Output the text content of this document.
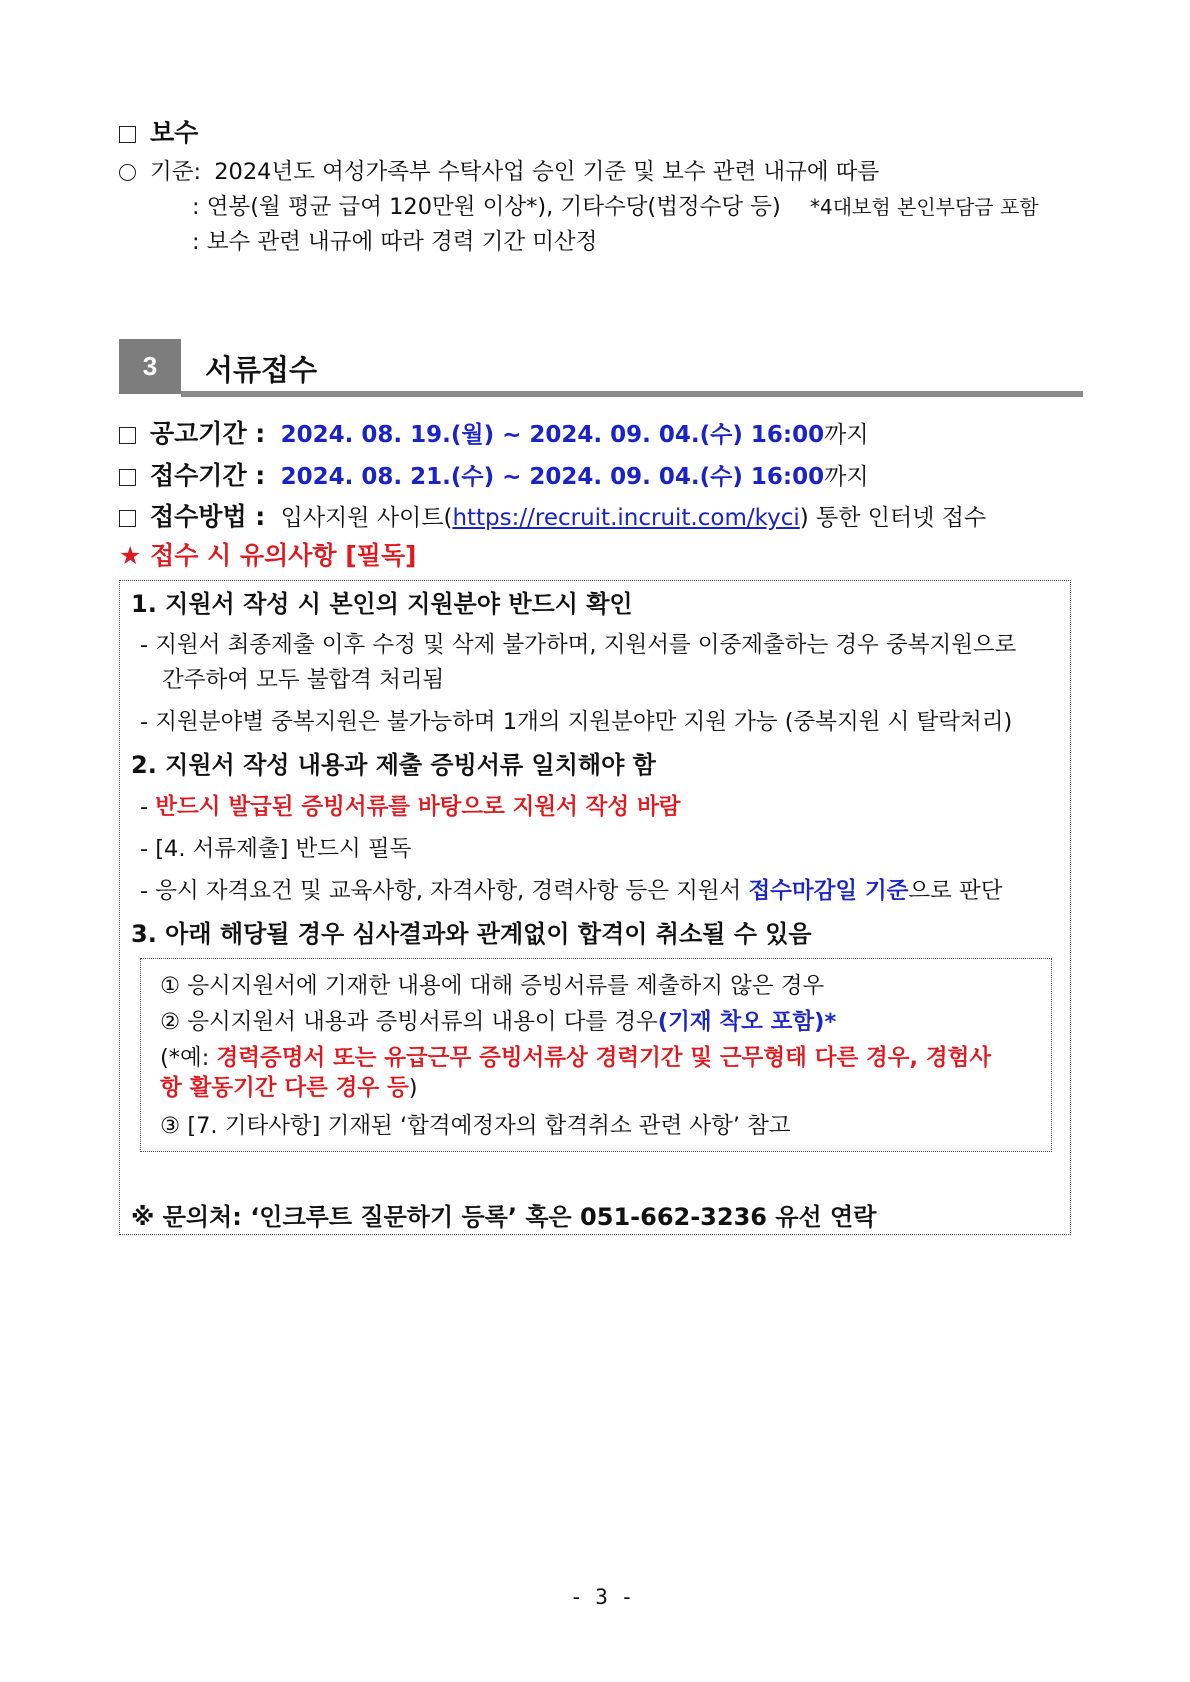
보수
기준: 2024년도 여성가족부 수탁사업 승인 기준 및 보수 관련 내규에 따름
: 연봉(월 평균 급여 120만원 이상*), 기타수당(법정수당 등) *4대보험 본인부담금 포함
: 보수 관련 내규에 따라 경력 기간 미산정
3	서류접수
공고기간 : 2024. 08. 19.(월) ~ 2024. 09. 04.(수) 16:00까지
접수기간 : 2024. 08. 21.(수) ~ 2024. 09. 04.(수) 16:00까지
접수방법 : 입사지원 사이트(https://recruit.incruit.com/kyci) 통한 인터넷 접수
★ 접수 시 유의사항 [필독]
1. 지원서 작성 시 본인의 지원분야 반드시 확인
- 지원서 최종제출 이후 수정 및 삭제 불가하며, 지원서를 이중제출하는 경우 중복지원으로
간주하여 모두 불합격 처리됨
- 지원분야별 중복지원은 불가능하며 1개의 지원분야만 지원 가능 (중복지원 시 탈락처리)
2. 지원서 작성 내용과 제출 증빙서류 일치해야 함
- 반드시 발급된 증빙서류를 바탕으로 지원서 작성 바람
- [4. 서류제출] 반드시 필독
- 응시 자격요건 및 교육사항, 자격사항, 경력사항 등은 지원서 접수마감일 기준으로 판단
3. 아래 해당될 경우 심사결과와 관계없이 합격이 취소될 수 있음
① 응시지원서에 기재한 내용에 대해 증빙서류를 제출하지 않은 경우
② 응시지원서 내용과 증빙서류의 내용이 다를 경우(기재 착오 포함)*
(*예: 경력증명서 또는 유급근무 증빙서류상 경력기간 및 근무형태 다른 경우, 경험사
항 활동기간 다른 경우 등)
③ [7. 기타사항] 기재된 ‘합격예정자의 합격취소 관련 사항’ 참고
※ 문의처: ‘인크루트 질문하기 등록’ 혹은 051-662-3236 유선 연락
- 3 -
